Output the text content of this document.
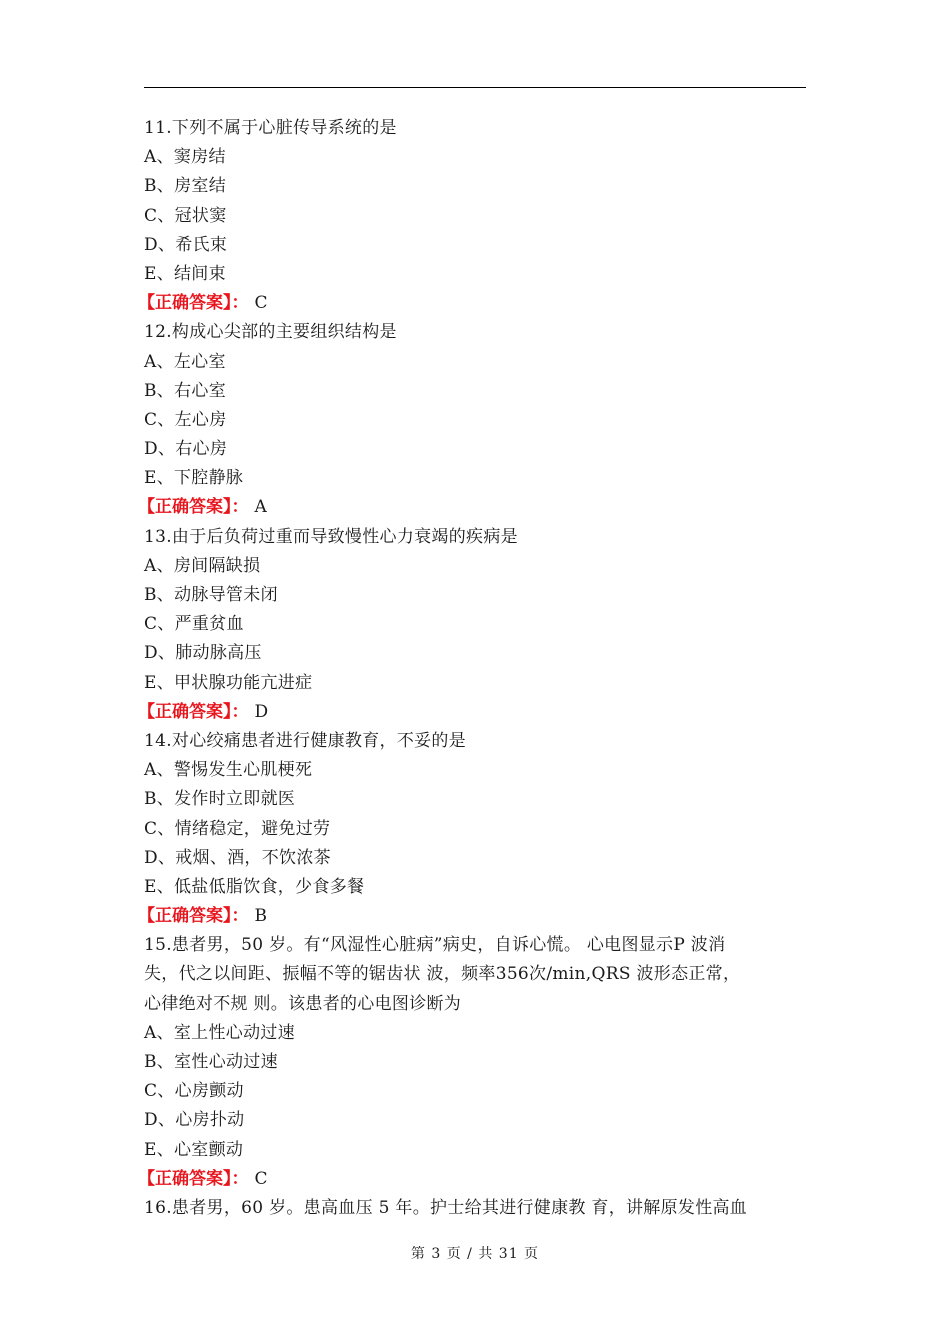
11.下列不属于心脏传导系统的是
A、窦房结
B、房室结
C、冠状窦
D、希氏束
E、结间束
【正确答案】： C
12.构成心尖部的主要组织结构是
A、左心室
B、右心室
C、左心房
D、右心房
E、下腔静脉
【正确答案】： A
13.由于后负荷过重而导致慢性心力衰竭的疾病是
A、房间隔缺损
B、动脉导管未闭
C、严重贫血
D、肺动脉高压
E、甲状腺功能亢进症
【正确答案】： D
14.对心绞痛患者进行健康教育，不妥的是
A、警惕发生心肌梗死
B、发作时立即就医
C、情绪稳定，避免过劳
D、戒烟、酒，不饮浓茶
E、低盐低脂饮食，少食多餐
【正确答案】： B
15.患者男，50 岁。有“风湿性心脏病”病史，自诉心慌。 心电图显示P 波消
失，代之以间距、振幅不等的锯齿状 波，频率356次/min,QRS 波形态正常，
心律绝对不规 则。该患者的心电图诊断为
A、室上性心动过速
B、室性心动过速
C、心房颤动
D、心房扑动
E、心室颤动
【正确答案】： C
16.患者男，60 岁。患高血压 5 年。护士给其进行健康教 育，讲解原发性高血
第 3 页 / 共 31 页
